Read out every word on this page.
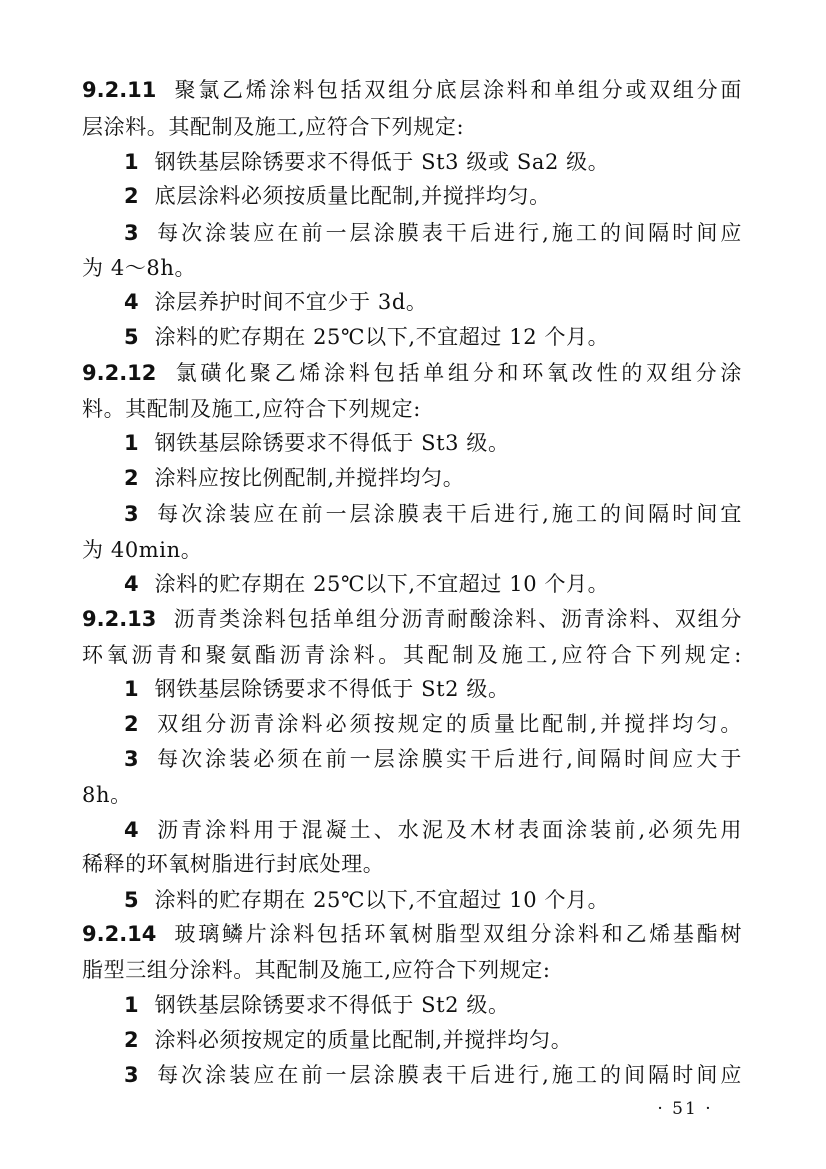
9.2.11 聚氯乙烯涂料包括双组分底层涂料和单组分或双组分面
层涂料。其配制及施工,应符合下列规定:
1 钢铁基层除锈要求不得低于 St3 级或 Sa2 级。
2 底层涂料必须按质量比配制,并搅拌均匀。
3 每次涂装应在前一层涂膜表干后进行,施工的间隔时间应
为 4～8h。
4 涂层养护时间不宜少于 3d。
5 涂料的贮存期在 25℃以下,不宜超过 12 个月。
9.2.12 氯磺化聚乙烯涂料包括单组分和环氧改性的双组分涂
料。其配制及施工,应符合下列规定:
1 钢铁基层除锈要求不得低于 St3 级。
2 涂料应按比例配制,并搅拌均匀。
3 每次涂装应在前一层涂膜表干后进行,施工的间隔时间宜
为 40min。
4 涂料的贮存期在 25℃以下,不宜超过 10 个月。
9.2.13 沥青类涂料包括单组分沥青耐酸涂料、沥青涂料、双组分
环氧沥青和聚氨酯沥青涂料。其配制及施工,应符合下列规定:
1 钢铁基层除锈要求不得低于 St2 级。
2 双组分沥青涂料必须按规定的质量比配制,并搅拌均匀。
3 每次涂装必须在前一层涂膜实干后进行,间隔时间应大于
8h。
4 沥青涂料用于混凝土、水泥及木材表面涂装前,必须先用
稀释的环氧树脂进行封底处理。
5 涂料的贮存期在 25℃以下,不宜超过 10 个月。
9.2.14 玻璃鳞片涂料包括环氧树脂型双组分涂料和乙烯基酯树
脂型三组分涂料。其配制及施工,应符合下列规定:
1 钢铁基层除锈要求不得低于 St2 级。
2 涂料必须按规定的质量比配制,并搅拌均匀。
3 每次涂装应在前一层涂膜表干后进行,施工的间隔时间应
· 51 ·
